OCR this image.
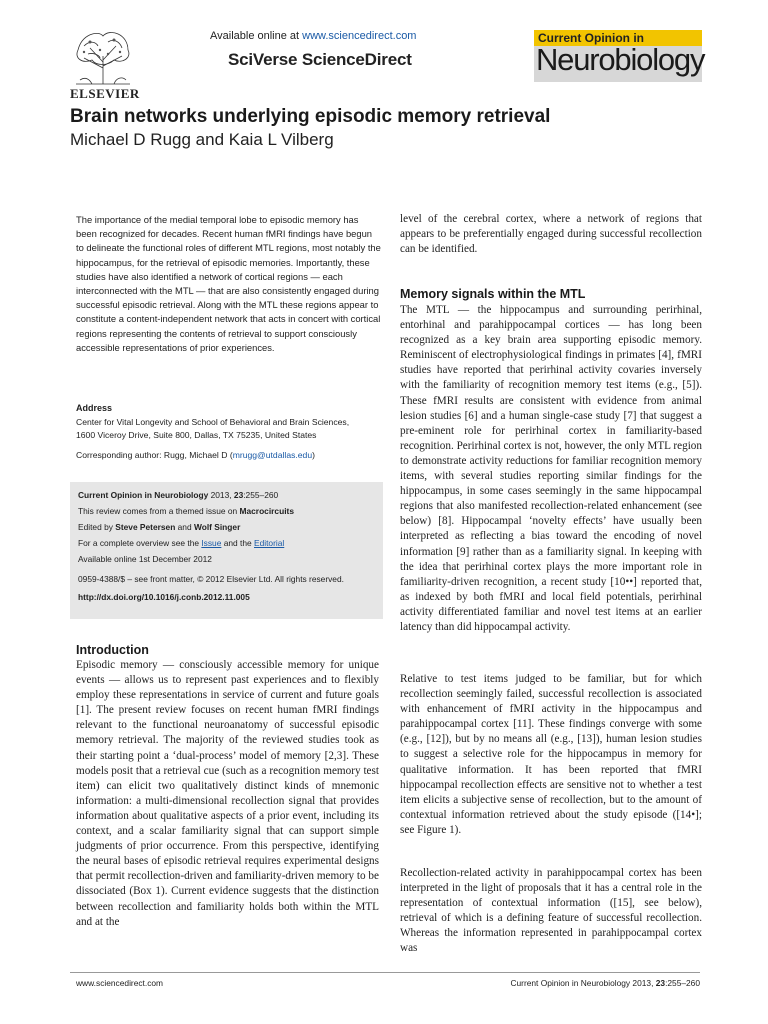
ELSEVIER
Available online at www.sciencedirect.com
SciVerse ScienceDirect
Current Opinion in
Neurobiology
Brain networks underlying episodic memory retrieval
Michael D Rugg and Kaia L Vilberg
The importance of the medial temporal lobe to episodic memory has been recognized for decades. Recent human fMRI findings have begun to delineate the functional roles of different MTL regions, most notably the hippocampus, for the retrieval of episodic memories. Importantly, these studies have also identified a network of cortical regions — each interconnected with the MTL — that are also consistently engaged during successful episodic retrieval. Along with the MTL these regions appear to constitute a content-independent network that acts in concert with cortical regions representing the contents of retrieval to support consciously accessible representations of prior experiences.
Address
Center for Vital Longevity and School of Behavioral and Brain Sciences,
1600 Viceroy Drive, Suite 800, Dallas, TX 75235, United States
Corresponding author: Rugg, Michael D (mrugg@utdallas.edu)
Current Opinion in Neurobiology 2013, 23:255–260
This review comes from a themed issue on Macrocircuits
Edited by Steve Petersen and Wolf Singer
For a complete overview see the Issue and the Editorial
Available online 1st December 2012
0959-4388/$ – see front matter, © 2012 Elsevier Ltd. All rights reserved.
http://dx.doi.org/10.1016/j.conb.2012.11.005
Introduction
Episodic memory — consciously accessible memory for unique events — allows us to represent past experiences and to flexibly employ these representations in service of current and future goals [1]. The present review focuses on recent human fMRI findings relevant to the functional neuroanatomy of successful episodic memory retrieval. The majority of the reviewed studies took as their starting point a ‘dual-process’ model of memory [2,3]. These models posit that a retrieval cue (such as a recognition memory test item) can elicit two qualitatively distinct kinds of mnemonic information: a multi-dimensional recollection signal that provides information about qualitative aspects of a prior event, including its context, and a scalar familiarity signal that can support simple judgments of prior occurrence. From this perspective, identifying the neural bases of episodic retrieval requires experimental designs that permit recollection-driven and familiarity-driven memory to be dissociated (Box 1). Current evidence suggests that the distinction between recollection and familiarity holds both within the MTL and at the
level of the cerebral cortex, where a network of regions that appears to be preferentially engaged during successful recollection can be identified.
Memory signals within the MTL
The MTL — the hippocampus and surrounding perirhinal, entorhinal and parahippocampal cortices — has long been recognized as a key brain area supporting episodic memory. Reminiscent of electrophysiological findings in primates [4], fMRI studies have reported that perirhinal activity covaries inversely with the familiarity of recognition memory test items (e.g., [5]). These fMRI results are consistent with evidence from animal lesion studies [6] and a human single-case study [7] that suggest a pre-eminent role for perirhinal cortex in familiarity-based recognition. Perirhinal cortex is not, however, the only MTL region to demonstrate activity reductions for familiar recognition memory items, with several studies reporting similar findings for the hippocampus, in some cases seemingly in the same hippocampal regions that also manifested recollection-related enhancement (see below) [8]. Hippocampal ‘novelty effects’ have usually been interpreted as reflecting a bias toward the encoding of novel information [9] rather than as a familiarity signal. In keeping with the idea that perirhinal cortex plays the more important role in familiarity-driven recognition, a recent study [10••] reported that, as indexed by both fMRI and local field potentials, perirhinal activity differentiated familiar and novel test items at an earlier latency than did hippocampal activity.
Relative to test items judged to be familiar, but for which recollection seemingly failed, successful recollection is associated with enhancement of fMRI activity in the hippocampus and parahippocampal cortex [11]. These findings converge with some (e.g., [12]), but by no means all (e.g., [13]), human lesion studies to suggest a selective role for the hippocampus in memory for qualitative information. It has been reported that fMRI hippocampal recollection effects are sensitive not to whether a test item elicits a subjective sense of recollection, but to the amount of contextual information retrieved about the study episode ([14•]; see Figure 1).
Recollection-related activity in parahippocampal cortex has been interpreted in the light of proposals that it has a central role in the representation of contextual information ([15], see below), retrieval of which is a defining feature of successful recollection. Whereas the information represented in parahippocampal cortex was
www.sciencedirect.com	Current Opinion in Neurobiology 2013, 23:255–260
